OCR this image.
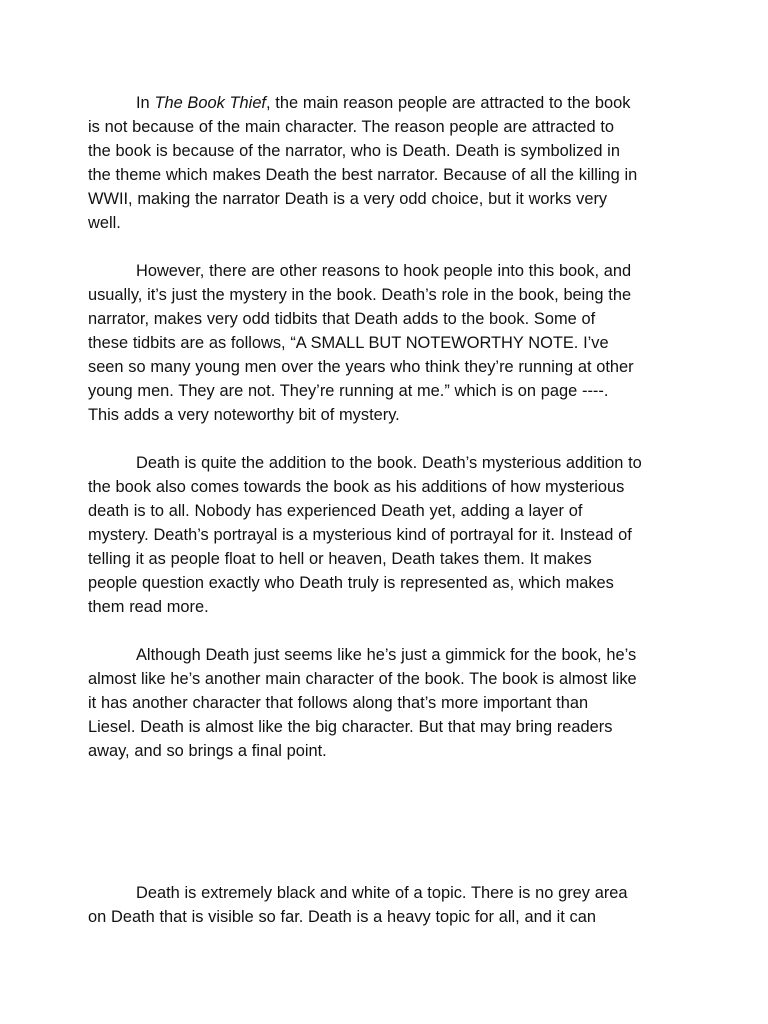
In The Book Thief, the main reason people are attracted to the book
is not because of the main character. The reason people are attracted to
the book is because of the narrator, who is Death. Death is symbolized in
the theme which makes Death the best narrator. Because of all the killing in
WWII, making the narrator Death is a very odd choice, but it works very
well.
However, there are other reasons to hook people into this book, and
usually, it’s just the mystery in the book. Death’s role in the book, being the
narrator, makes very odd tidbits that Death adds to the book. Some of
these tidbits are as follows, “A SMALL BUT NOTEWORTHY NOTE. I’ve
seen so many young men over the years who think they’re running at other
young men. They are not. They’re running at me.” which is on page ----.
This adds a very noteworthy bit of mystery.
Death is quite the addition to the book. Death’s mysterious addition to
the book also comes towards the book as his additions of how mysterious
death is to all. Nobody has experienced Death yet, adding a layer of
mystery. Death’s portrayal is a mysterious kind of portrayal for it. Instead of
telling it as people float to hell or heaven, Death takes them. It makes
people question exactly who Death truly is represented as, which makes
them read more.
Although Death just seems like he’s just a gimmick for the book, he’s
almost like he’s another main character of the book. The book is almost like
it has another character that follows along that’s more important than
Liesel. Death is almost like the big character. But that may bring readers
away, and so brings a final point.
Death is extremely black and white of a topic. There is no grey area
on Death that is visible so far. Death is a heavy topic for all, and it can
